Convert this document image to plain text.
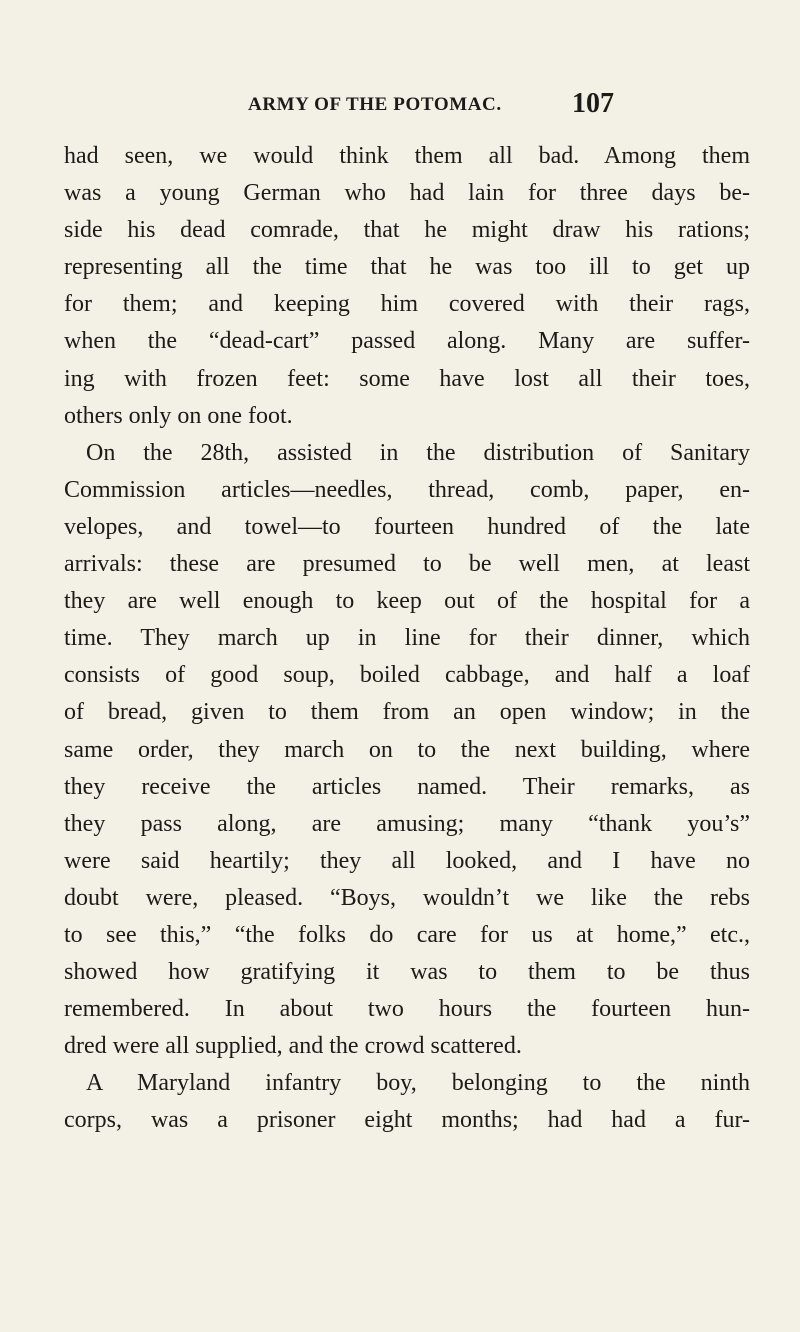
ARMY OF THE POTOMAC.	107
had seen, we would think them all bad. Among them
was a young German who had lain for three days be-
side his dead comrade, that he might draw his rations;
representing all the time that he was too ill to get up
for them; and keeping him covered with their rags,
when the “dead-cart” passed along. Many are suffer-
ing with frozen feet: some have lost all their toes,
others only on one foot.
On the 28th, assisted in the distribution of Sanitary
Commission articles—needles, thread, comb, paper, en-
velopes, and towel—to fourteen hundred of the late
arrivals: these are presumed to be well men, at least
they are well enough to keep out of the hospital for a
time. They march up in line for their dinner, which
consists of good soup, boiled cabbage, and half a loaf
of bread, given to them from an open window; in the
same order, they march on to the next building, where
they receive the articles named. Their remarks, as
they pass along, are amusing; many “thank you’s”
were said heartily; they all looked, and I have no
doubt were, pleased. “Boys, wouldn’t we like the rebs
to see this,” “the folks do care for us at home,” etc.,
showed how gratifying it was to them to be thus
remembered. In about two hours the fourteen hun-
dred were all supplied, and the crowd scattered.
A Maryland infantry boy, belonging to the ninth
corps, was a prisoner eight months; had had a fur-
